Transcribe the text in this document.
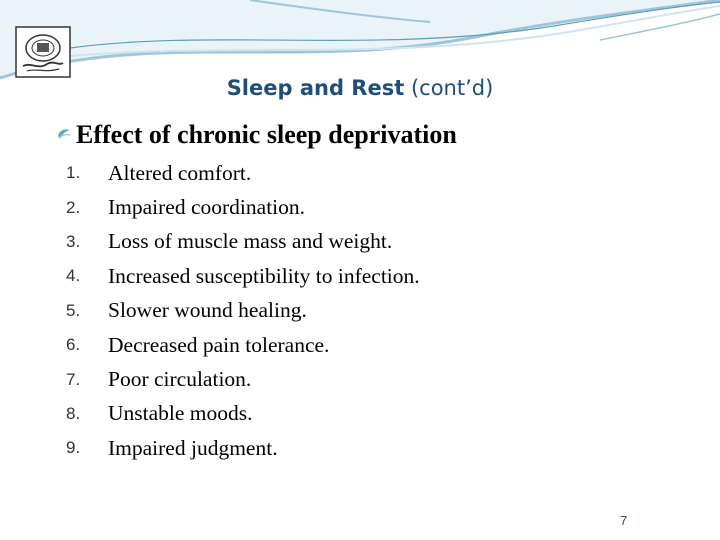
Sleep and Rest (cont’d)
Effect of chronic sleep deprivation
1.	Altered comfort.
2.	Impaired coordination.
3.	Loss of muscle mass and weight.
4.	Increased susceptibility to infection.
5.	Slower wound healing.
6.	Decreased pain tolerance.
7.	Poor circulation.
8.	Unstable moods.
9.	Impaired judgment.
7
